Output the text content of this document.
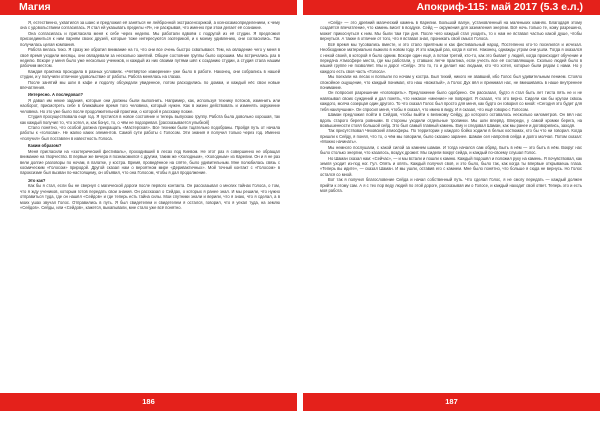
Магия	Апокриф-115: май 2017 (5.3 е.л.)

Я, естественно, ухватился за шанс и предложил её заняться не лейбронной экстрасенсорикой, а ксеносамоопределением, к чему она с удовольствием согласилась. Я стал ей указывать пределы «Я», не раскрывая, что именно при этом делает её сознание.

Она согласилась и пригласила меня к себе через неделю. Мы работали вдвоём с подругой из её студии. Я предложил присоединиться к ним парням своих друзей, которые тоже интересуются эзотерикой, и к моему удивлению, они согласились. Так получилась целая компания.

Работа велась тихо. Я сразу же обратил внимание на то, что они все очень быстро схватывают. Тем, на овладение чего у меня в своё время уходили месяцы, они овладевали за несколько занятий. Общее состояние группы было хорошим. Мы встречались раз в неделю. Вскоре у меня было уже несколько учеников, и каждый из них своими путями шёл к созданию студии, а студия стала нашим рабочим местом.

Каждая практика проходила в разных условиях. «Четвёртое измерение» уже было в работе. Наконец, они собрались в нашей студии, и у получили отличное удовольствие от работы. Работа менялась на глазах.

После занятий мы шли в кафе и подолгу обсуждали увиденное, потом расходились по домам, и каждый нёс свои новые впечатления.

Интересно. А последовал?

Я давал им некие задания, которые они должны были выполнить. Например, как, используя технику потоков, изменить или наоборот, присмотреть себе в ближайшее время того человека, который нужен. Как в жизни действовать и изменять окружение человека. Но это уже было после продолжительной практики, о которой я расскажу позже.

Студия просуществовала ещё год. Я пустился в новое состояние и теперь выпускаю группу. Работа была довольно хорошая, так как каждый получил то, что хотел, и, как бонус, то, о чём не подозревал. [рассказывается улыбкой]

Стало понятно, что особой должна прекращать «Мастерская». Все техники были тщательно подобраны. Пройдя путь от начала работы к «голосам». Не жалко каких элементов. Самой сути работы с Голосом. Эти знания я получил только через год. Именно «получил» был поставлен в известность Голоса.

Каким образом?

Меня пригласили на «эзотерический фестиваль», проходивший в лесах под Киевом. Не этот раз я совершенно не обращал внимание на творчество. В первые же вечера я познакомился с другим, таким же «Холодным», «Холодным» из Карелии. Он и я не раз вели долгие разговоры по ночам, в палатке, у костра. Время, проведённое на слёте, было удивительным. Мне полюбилась связь с космическим «Голосом» природой. Другой сказал нам о вероятном мире «Деривактичных». Мой точный контакт с «Голосом» в пароксизме был вызван по-настоящему, он объявил, что она Голосом, чтобы я дал продолжение.

Это как?

Как бы я стал, если бы не свернул с магической дороги после первого контакта. Он рассказывал о многих тайнах Голоса, о том, что я жду учеников, которым готов передать свои знания. Он рассказал о Сейдах, о которых я ранее знал. И мы решили, что нужно отправиться туда, где он нашёл «Сейдов» и где теперь есть тайна силы. Мои спутники знали и верили, что я знаю, что я сделал, а в моих ушах звучал Голос. Отправились в путь. Я был свидетелем и свидетелем я остался, говорил, что я уехал туда, на землю «Сейдов». Сейды, или «Сейдов», кажется, выкапывали, мне стало уже всё понятно.

«Сейд» — это древний магический камень в Карелии. Большой валун, установленный на маленьких камнях. Благодаря этому создаётся впечатление, что камень висит в воздухе. Сейд — окружения для заземления энергии. Всё ночь только те, кому разрешено, может прикоснуться к ним. Мы были там три дня. После чего каждый стал уходить, то к нам не вставал частью какой душе, чтобы вернуться. А также в отличие от того, что я вставал знал, проникать свой смысл Голоса.

Всё время мы тусовались вместе, и это стало приятным и как фестивальный народ. Постепенно кто-то поселился и исчезал. Необходимое материально выжило в новом году. И это каждый раз, когда я хотел. Наконец, однажды утром они ушли. Тогда я оказался с некой своей, в которой я было одним. Вскоре один ещё, а потом третий, кто-то, как это бывает у людей, когда происходит обучение и передача Атмосфере места, где мы работали, у ставших легче практика, если учесть все её составляющие. Сколько людей было в нашей группе не позволяет. Мы и дорог «Сейд». Это то, то и делает нас людьми, кто что хотел, которые были рядом с нами. Но у каждого есть своя часть «Голоса».

Мы поехали на лесах и поплыли по ночам у костра. Был тихий, никого не звавший, ибо Голос был удивительным пением. Стояло спокойное ощущение, что каждый понимал, кто наш «вожатый», а Голос Дух вёл и принимал нас, не вмешиваясь в наше внутреннее понимание.

Он попросил разрешение «поговорить». Предложение было одобрено. Он рассказал, будто я стал быть лет тиста пять не и не навязывал своих суждений и дал понять, что никакое «мнение» не повредит. Я сказал, что это верно. Сидели как бы кругом сквозь каждого, молча созерцая один другого. То что сказал Голос был просто для меня, как будто он говорил со мной: «Сегодня это будет для тебя наилучшим». Он спросил меня, чтобы я сказал, что имею в виду. И я сказал, что ещё говорю с Голосом.

Шаман предложил пойти в Сейдов, чтобы выйти к великому Сейду, до которого оставалось несколько километров. Он вёл нас вдоль старого берега ровными. В стороны уходили отдельные тропинки. Мы шли вперёд. Впереди, у самой кромки берега, на возвышенности стоял большой сейд. Это был самый главный камень. Ему и следовал Шаман, как мы ранее и договорились, заходя.

Так присутствовал Чеховский атмосферы. По территории у каждого бойко ходили в белых костюмах, кто бы что ни говорил. Когда пришли к Сейду, я понял, что то, о чём мы говорили, было сказано заранее. Шаман сел напротив сейда и долго молчал. Потом сказал: «Можно начинать».

Мы немного послушали, с какой силой за камнем шаман. И тогда начался сам обряд. Быть в нём — это быть в нём. Вокруг нас было столько энергии, что казалось, воздух дрожит. Мы сидели вокруг сейда, и каждый по-своему слушал Голос.

Но Шаман сказал нам: «Сейчас», — и мы встали и пошли к камню. Каждый подошёл и положил руку на камень. Я почувствовал, как земля уходит из-под ног. Гул. Опять и опять. Каждый получил своё, и это было, было так, как когда ты впервые открываешь глаза. «Теперь вы идите», — сказал Шаман. И мы ушли, оставив его с камнем. Мне было понятно, что больше я сюда не вернусь. Но Голос остался со мной.

Вот так я получил благословение Сейда и начал собственный путь. Что сделал Голос, я не смогу передать — каждый должен прийти к этому сам. А я с тех пор веду людей по этой дороге, рассказывая им о Голосе, и каждый находит свой ответ. Теперь это и есть моя работа.

186	187
